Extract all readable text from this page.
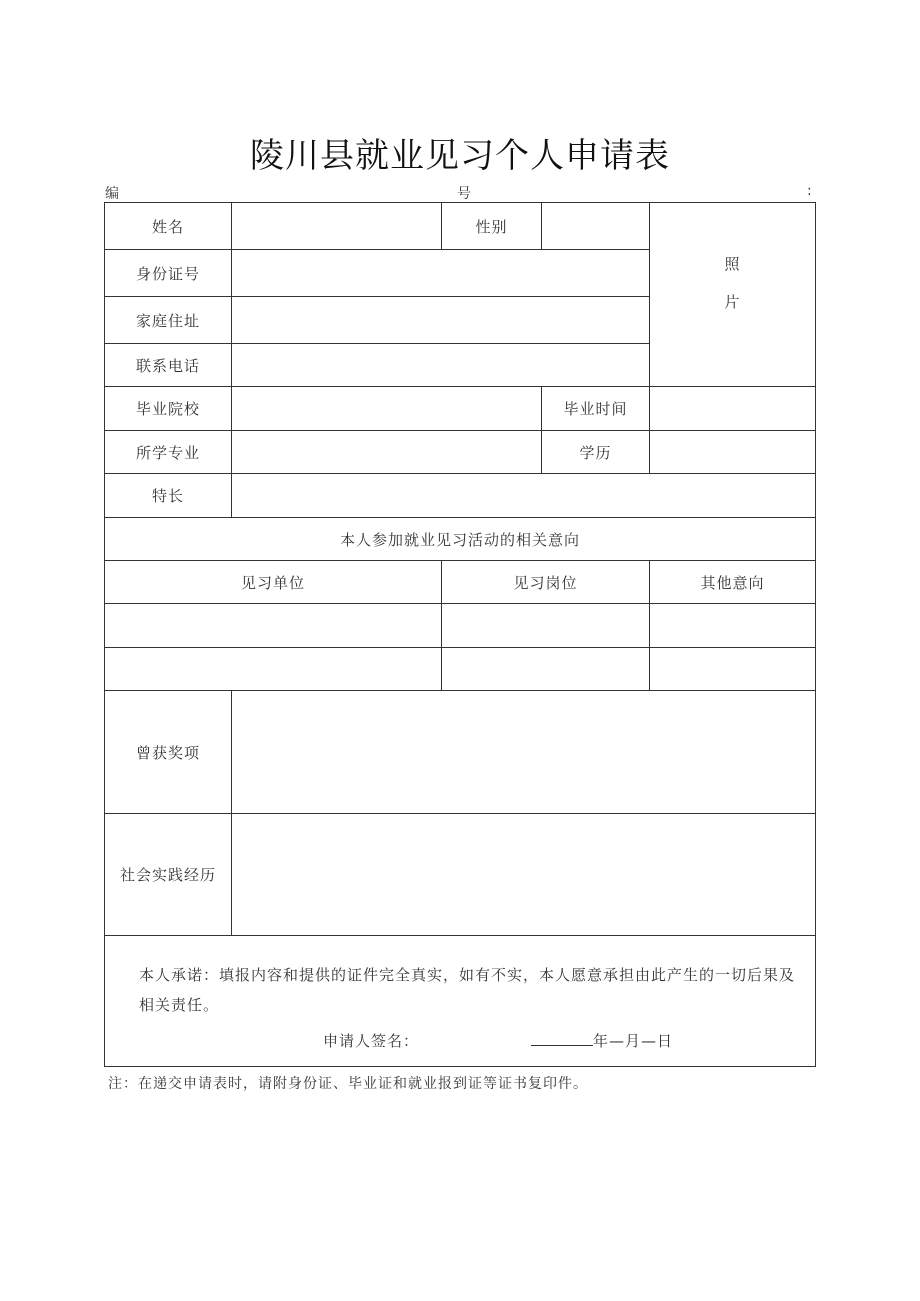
陵川县就业见习个人申请表
编	号	:
姓名		性别		照
片

身份证号				
家庭住址				
联系电话				
毕业院校			毕业时间	
所学专业			学历	
特长				
本人参加就业见习活动的相关意向				
见习单位		见习岗位		其他意向

曾获奖项				
社会实践经历				

本人承诺：填报内容和提供的证件完全真实，如有不实，本人愿意承担由此产生的一切后果及相关责任。
申请人签名： 年—月—日				
注：在递交申请表时，请附身份证、毕业证和就业报到证等证书复印件。
